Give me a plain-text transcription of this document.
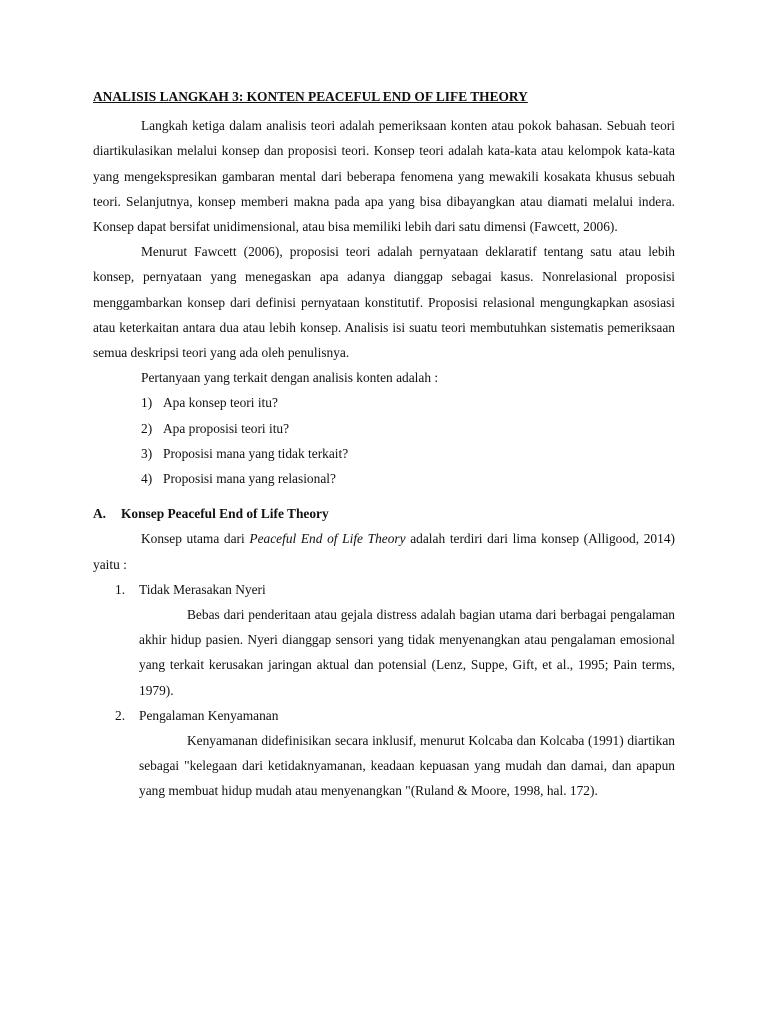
ANALISIS LANGKAH 3: KONTEN PEACEFUL END OF LIFE THEORY

Langkah ketiga dalam analisis teori adalah pemeriksaan konten atau pokok bahasan. Sebuah teori diartikulasikan melalui konsep dan proposisi teori. Konsep teori adalah kata-kata atau kelompok kata-kata yang mengekspresikan gambaran mental dari beberapa fenomena yang mewakili kosakata khusus sebuah teori. Selanjutnya, konsep memberi makna pada apa yang bisa dibayangkan atau diamati melalui indera. Konsep dapat bersifat unidimensional, atau bisa memiliki lebih dari satu dimensi (Fawcett, 2006).

Menurut Fawcett (2006), proposisi teori adalah pernyataan deklaratif tentang satu atau lebih konsep, pernyataan yang menegaskan apa adanya dianggap sebagai kasus. Nonrelasional proposisi menggambarkan konsep dari definisi pernyataan konstitutif. Proposisi relasional mengungkapkan asosiasi atau keterkaitan antara dua atau lebih konsep. Analisis isi suatu teori membutuhkan sistematis pemeriksaan semua deskripsi teori yang ada oleh penulisnya.

Pertanyaan yang terkait dengan analisis konten adalah :

1) Apa konsep teori itu?
2) Apa proposisi teori itu?
3) Proposisi mana yang tidak terkait?
4) Proposisi mana yang relasional?
A. Konsep Peaceful End of Life Theory

Konsep utama dari Peaceful End of Life Theory adalah terdiri dari lima konsep (Alligood, 2014) yaitu :

1. Tidak Merasakan Nyeri
Bebas dari penderitaan atau gejala distress adalah bagian utama dari berbagai pengalaman akhir hidup pasien. Nyeri dianggap sensori yang tidak menyenangkan atau pengalaman emosional yang terkait kerusakan jaringan aktual dan potensial (Lenz, Suppe, Gift, et al., 1995; Pain terms, 1979).
2. Pengalaman Kenyamanan
Kenyamanan didefinisikan secara inklusif, menurut Kolcaba dan Kolcaba (1991) diartikan sebagai "kelegaan dari ketidaknyamanan, keadaan kepuasan yang mudah dan damai, dan apapun yang membuat hidup mudah atau menyenangkan "(Ruland & Moore, 1998, hal. 172).
